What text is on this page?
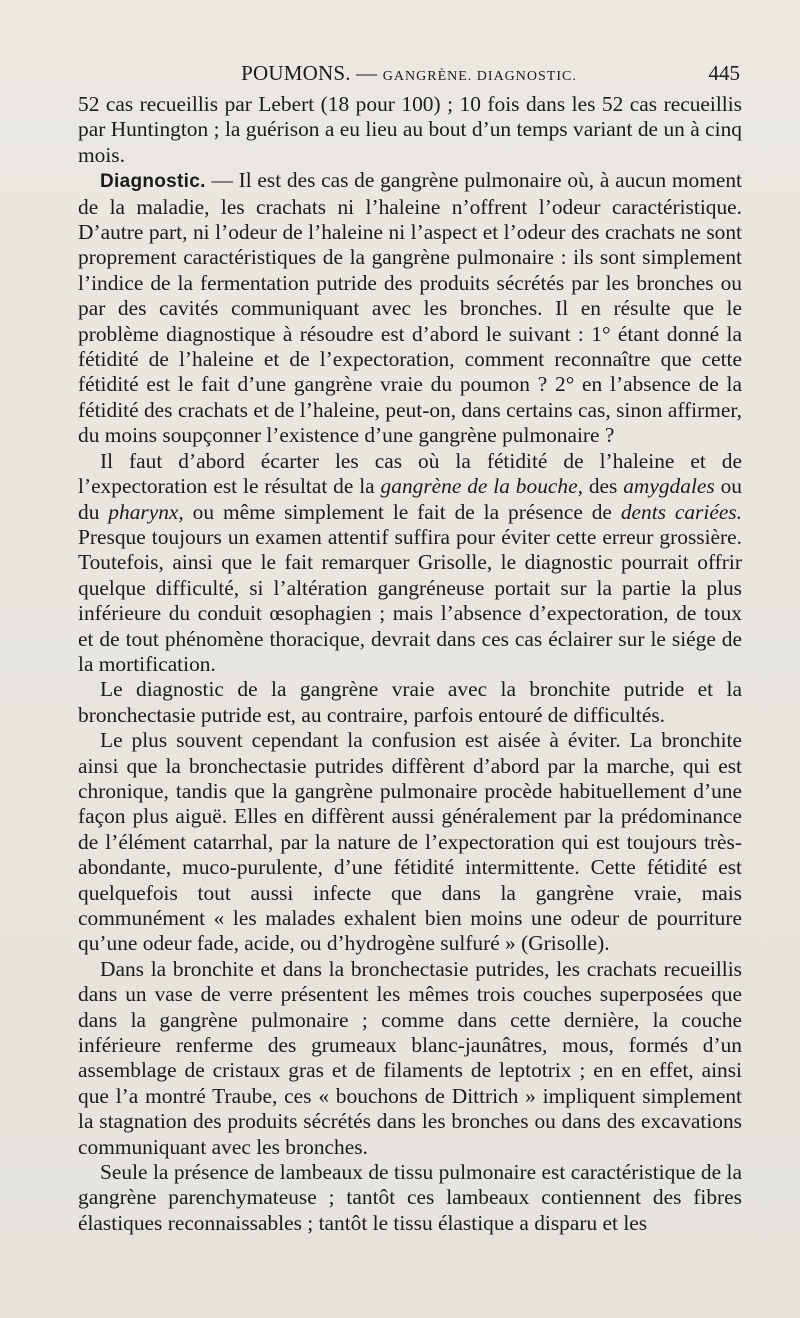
POUMONS. — GANGRÈNE. DIAGNOSTIC.	445

52 cas recueillis par Lebert (18 pour 100) ; 10 fois dans les 52 cas recueillis par Huntington ; la guérison a eu lieu au bout d’un temps variant de un à cinq mois.

Diagnostic. — Il est des cas de gangrène pulmonaire où, à aucun moment de la maladie, les crachats ni l’haleine n’offrent l’odeur caractéristique. D’autre part, ni l’odeur de l’haleine ni l’aspect et l’odeur des crachats ne sont proprement caractéristiques de la gangrène pulmonaire : ils sont simplement l’indice de la fermentation putride des produits sécrétés par les bronches ou par des cavités communiquant avec les bronches. Il en résulte que le problème diagnostique à résoudre est d’abord le suivant : 1° étant donné la fétidité de l’haleine et de l’expectoration, comment reconnaître que cette fétidité est le fait d’une gangrène vraie du poumon ? 2° en l’absence de la fétidité des crachats et de l’haleine, peut-on, dans certains cas, sinon affirmer, du moins soupçonner l’existence d’une gangrène pulmonaire ?

Il faut d’abord écarter les cas où la fétidité de l’haleine et de l’expectoration est le résultat de la gangrène de la bouche, des amygdales ou du pharynx, ou même simplement le fait de la présence de dents cariées. Presque toujours un examen attentif suffira pour éviter cette erreur grossière. Toutefois, ainsi que le fait remarquer Grisolle, le diagnostic pourrait offrir quelque difficulté, si l’altération gangréneuse portait sur la partie la plus inférieure du conduit œsophagien ; mais l’absence d’expectoration, de toux et de tout phénomène thoracique, devrait dans ces cas éclairer sur le siége de la mortification.

Le diagnostic de la gangrène vraie avec la bronchite putride et la bronchectasie putride est, au contraire, parfois entouré de difficultés.

Le plus souvent cependant la confusion est aisée à éviter. La bronchite ainsi que la bronchectasie putrides diffèrent d’abord par la marche, qui est chronique, tandis que la gangrène pulmonaire procède habituellement d’une façon plus aiguë. Elles en diffèrent aussi généralement par la prédominance de l’élément catarrhal, par la nature de l’expectoration qui est toujours très-abondante, muco-purulente, d’une fétidité intermittente. Cette fétidité est quelquefois tout aussi infecte que dans la gangrène vraie, mais communément « les malades exhalent bien moins une odeur de pourriture qu’une odeur fade, acide, ou d’hydrogène sulfuré » (Grisolle).

Dans la bronchite et dans la bronchectasie putrides, les crachats recueillis dans un vase de verre présentent les mêmes trois couches superposées que dans la gangrène pulmonaire ; comme dans cette dernière, la couche inférieure renferme des grumeaux blanc-jaunâtres, mous, formés d’un assemblage de cristaux gras et de filaments de leptotrix ; en en effet, ainsi que l’a montré Traube, ces « bouchons de Dittrich » impliquent simplement la stagnation des produits sécrétés dans les bronches ou dans des excavations communiquant avec les bronches.

Seule la présence de lambeaux de tissu pulmonaire est caractéristique de la gangrène parenchymateuse ; tantôt ces lambeaux contiennent des fibres élastiques reconnaissables ; tantôt le tissu élastique a disparu et les
